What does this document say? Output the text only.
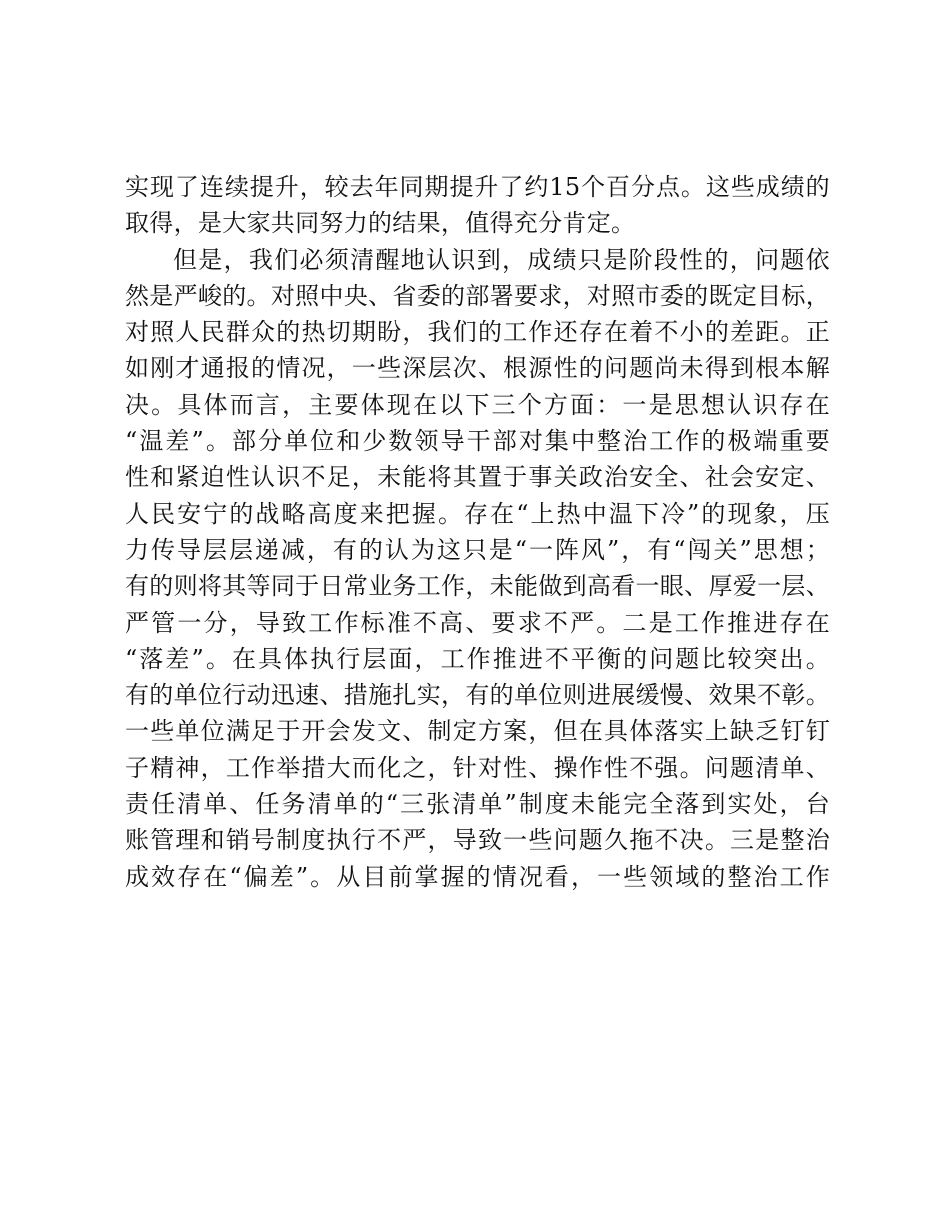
实现了连续提升，较去年同期提升了约15个百分点。这些成绩的
取得，是大家共同努力的结果，值得充分肯定。
但是，我们必须清醒地认识到，成绩只是阶段性的，问题依
然是严峻的。对照中央、省委的部署要求，对照市委的既定目标，
对照人民群众的热切期盼，我们的工作还存在着不小的差距。正
如刚才通报的情况，一些深层次、根源性的问题尚未得到根本解
决。具体而言，主要体现在以下三个方面：一是思想认识存在
“温差”。部分单位和少数领导干部对集中整治工作的极端重要
性和紧迫性认识不足，未能将其置于事关政治安全、社会安定、
人民安宁的战略高度来把握。存在“上热中温下冷”的现象，压
力传导层层递减，有的认为这只是“一阵风”，有“闯关”思想；
有的则将其等同于日常业务工作，未能做到高看一眼、厚爱一层、
严管一分，导致工作标准不高、要求不严。二是工作推进存在
“落差”。在具体执行层面，工作推进不平衡的问题比较突出。
有的单位行动迅速、措施扎实，有的单位则进展缓慢、效果不彰。
一些单位满足于开会发文、制定方案，但在具体落实上缺乏钉钉
子精神，工作举措大而化之，针对性、操作性不强。问题清单、
责任清单、任务清单的“三张清单”制度未能完全落到实处，台
账管理和销号制度执行不严，导致一些问题久拖不决。三是整治
成效存在“偏差”。从目前掌握的情况看，一些领域的整治工作
